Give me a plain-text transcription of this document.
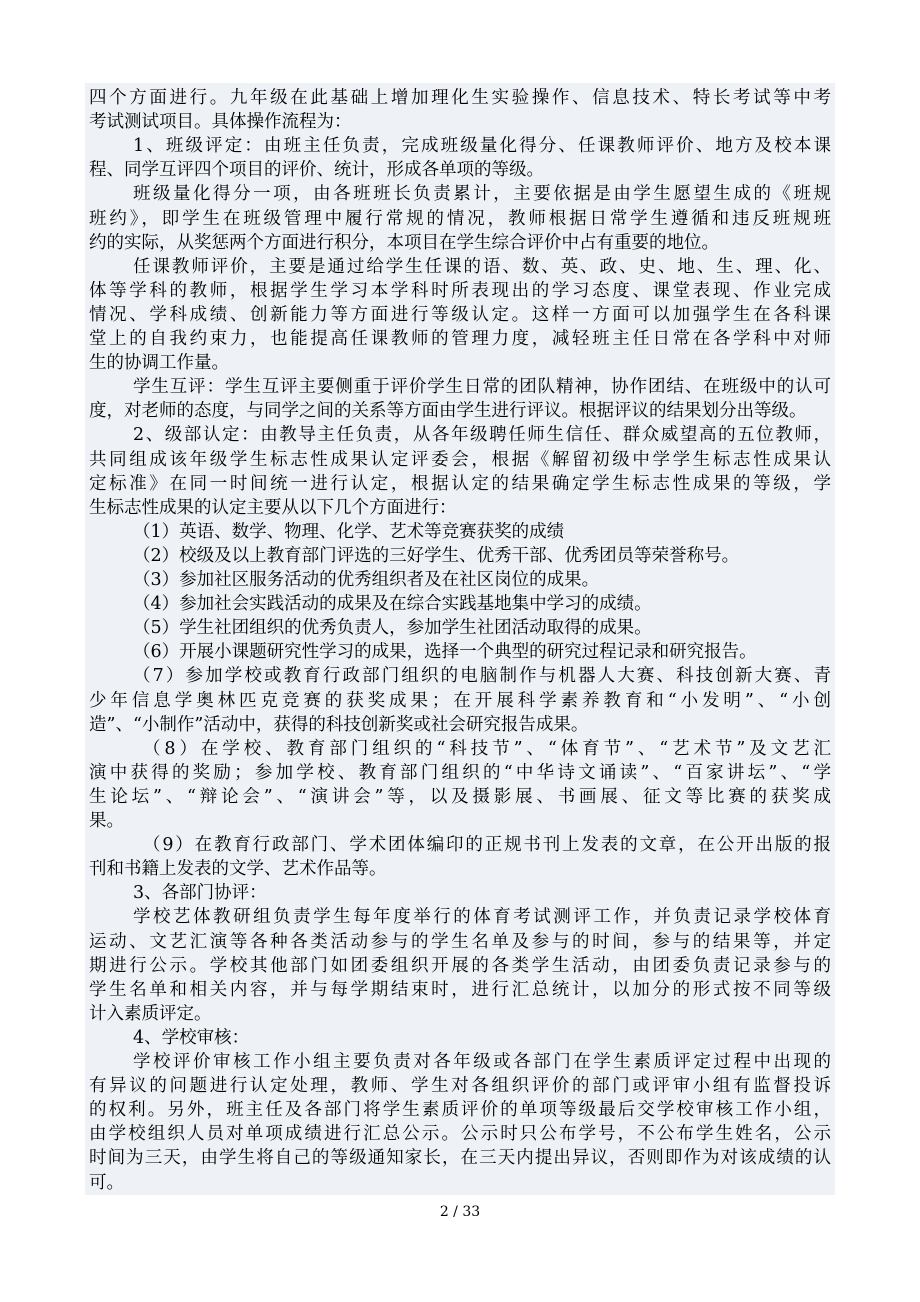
四个方面进行。九年级在此基础上增加理化生实验操作、信息技术、特长考试等中考
考试测试项目。具体操作流程为：
1、班级评定：由班主任负责，完成班级量化得分、任课教师评价、地方及校本课
程、同学互评四个项目的评价、统计，形成各单项的等级。
班级量化得分一项，由各班班长负责累计，主要依据是由学生愿望生成的《班规
班约》，即学生在班级管理中履行常规的情况，教师根据日常学生遵循和违反班规班
约的实际，从奖惩两个方面进行积分，本项目在学生综合评价中占有重要的地位。
任课教师评价，主要是通过给学生任课的语、数、英、政、史、地、生、理、化、
体等学科的教师，根据学生学习本学科时所表现出的学习态度、课堂表现、作业完成
情况、学科成绩、创新能力等方面进行等级认定。这样一方面可以加强学生在各科课
堂上的自我约束力，也能提高任课教师的管理力度，减轻班主任日常在各学科中对师
生的协调工作量。
学生互评：学生互评主要侧重于评价学生日常的团队精神，协作团结、在班级中的认可
度，对老师的态度，与同学之间的关系等方面由学生进行评议。根据评议的结果划分出等级。
2、级部认定：由教导主任负责，从各年级聘任师生信任、群众威望高的五位教师，
共同组成该年级学生标志性成果认定评委会，根据《解留初级中学学生标志性成果认
定标准》在同一时间统一进行认定，根据认定的结果确定学生标志性成果的等级，学
生标志性成果的认定主要从以下几个方面进行：
（1）英语、数学、物理、化学、艺术等竞赛获奖的成绩
（2）校级及以上教育部门评选的三好学生、优秀干部、优秀团员等荣誉称号。
（3）参加社区服务活动的优秀组织者及在社区岗位的成果。
（4）参加社会实践活动的成果及在综合实践基地集中学习的成绩。
（5）学生社团组织的优秀负责人，参加学生社团活动取得的成果。
（6）开展小课题研究性学习的成果，选择一个典型的研究过程记录和研究报告。
（7）参加学校或教育行政部门组织的电脑制作与机器人大赛、科技创新大赛、青
少年信息学奥林匹克竞赛的获奖成果；在开展科学素养教育和“小发明”、“小创
造”、“小制作”活动中，获得的科技创新奖或社会研究报告成果。
（8）在学校、教育部门组织的“科技节”、“体育节”、“艺术节”及文艺汇
演中获得的奖励；参加学校、教育部门组织的“中华诗文诵读”、“百家讲坛”、“学
生论坛”、“辩论会”、“演讲会”等，以及摄影展、书画展、征文等比赛的获奖成
果。
（9）在教育行政部门、学术团体编印的正规书刊上发表的文章，在公开出版的报
刊和书籍上发表的文学、艺术作品等。
3、各部门协评：
学校艺体教研组负责学生每年度举行的体育考试测评工作，并负责记录学校体育
运动、文艺汇演等各种各类活动参与的学生名单及参与的时间，参与的结果等，并定
期进行公示。学校其他部门如团委组织开展的各类学生活动，由团委负责记录参与的
学生名单和相关内容，并与每学期结束时，进行汇总统计，以加分的形式按不同等级
计入素质评定。
4、学校审核：
学校评价审核工作小组主要负责对各年级或各部门在学生素质评定过程中出现的
有异议的问题进行认定处理，教师、学生对各组织评价的部门或评审小组有监督投诉
的权利。另外，班主任及各部门将学生素质评价的单项等级最后交学校审核工作小组，
由学校组织人员对单项成绩进行汇总公示。公示时只公布学号，不公布学生姓名，公示
时间为三天，由学生将自己的等级通知家长，在三天内提出异议，否则即作为对该成绩的认
可。
2 / 33
